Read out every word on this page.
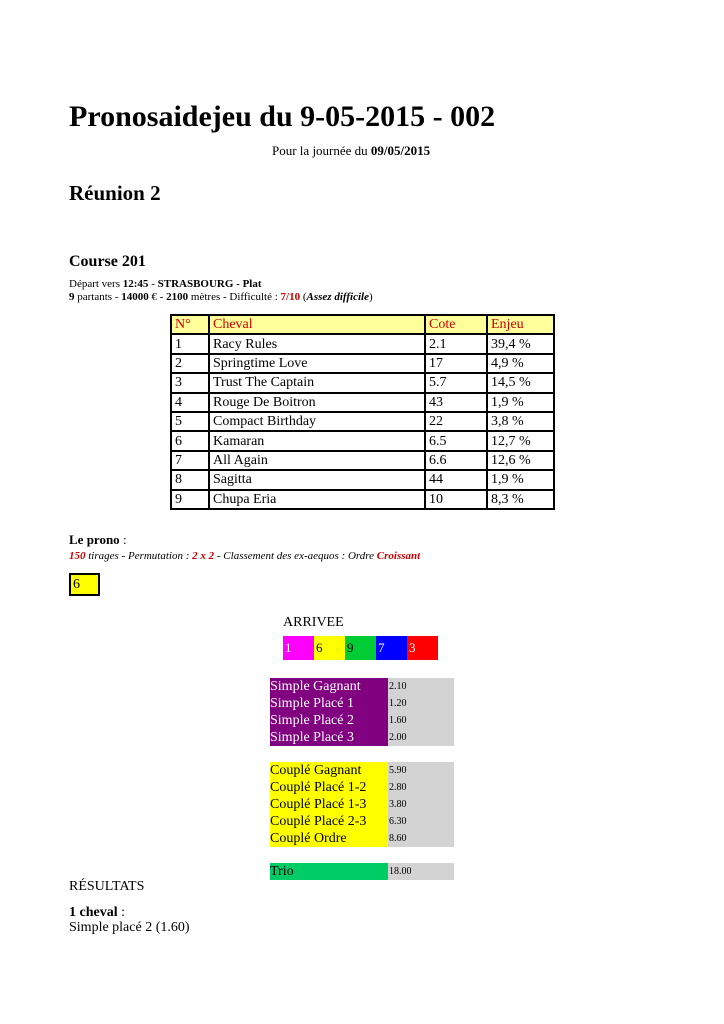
Pronosaidejeu du 9-05-2015 - 002
Pour la journée du 09/05/2015
Réunion 2
Course 201
Départ vers 12:45 - STRASBOURG - Plat
9 partants - 14000 € - 2100 mètres - Difficulté : 7/10 (Assez difficile)
N°	Cheval	Cote	Enjeu
1	Racy Rules	2.1	39,4 %
2	Springtime Love	17	4,9 %
3	Trust The Captain	5.7	14,5 %
4	Rouge De Boitron	43	1,9 %
5	Compact Birthday	22	3,8 %
6	Kamaran	6.5	12,7 %
7	All Again	6.6	12,6 %
8	Sagitta	44	1,9 %
9	Chupa Eria	10	8,3 %
Le prono :
150 tirages - Permutation : 2 x 2 - Classement des ex-aequos : Ordre Croissant
6
ARRIVEE
1	6	9	7	3
Simple Gagnant	2.10
Simple Placé 1	1.20
Simple Placé 2	1.60
Simple Placé 3	2.00
Couplé Gagnant	5.90
Couplé Placé 1-2	2.80
Couplé Placé 1-3	3.80
Couplé Placé 2-3	6.30
Couplé Ordre	8.60
Trio	18.00
RÉSULTATS
1 cheval :
Simple placé 2 (1.60)
